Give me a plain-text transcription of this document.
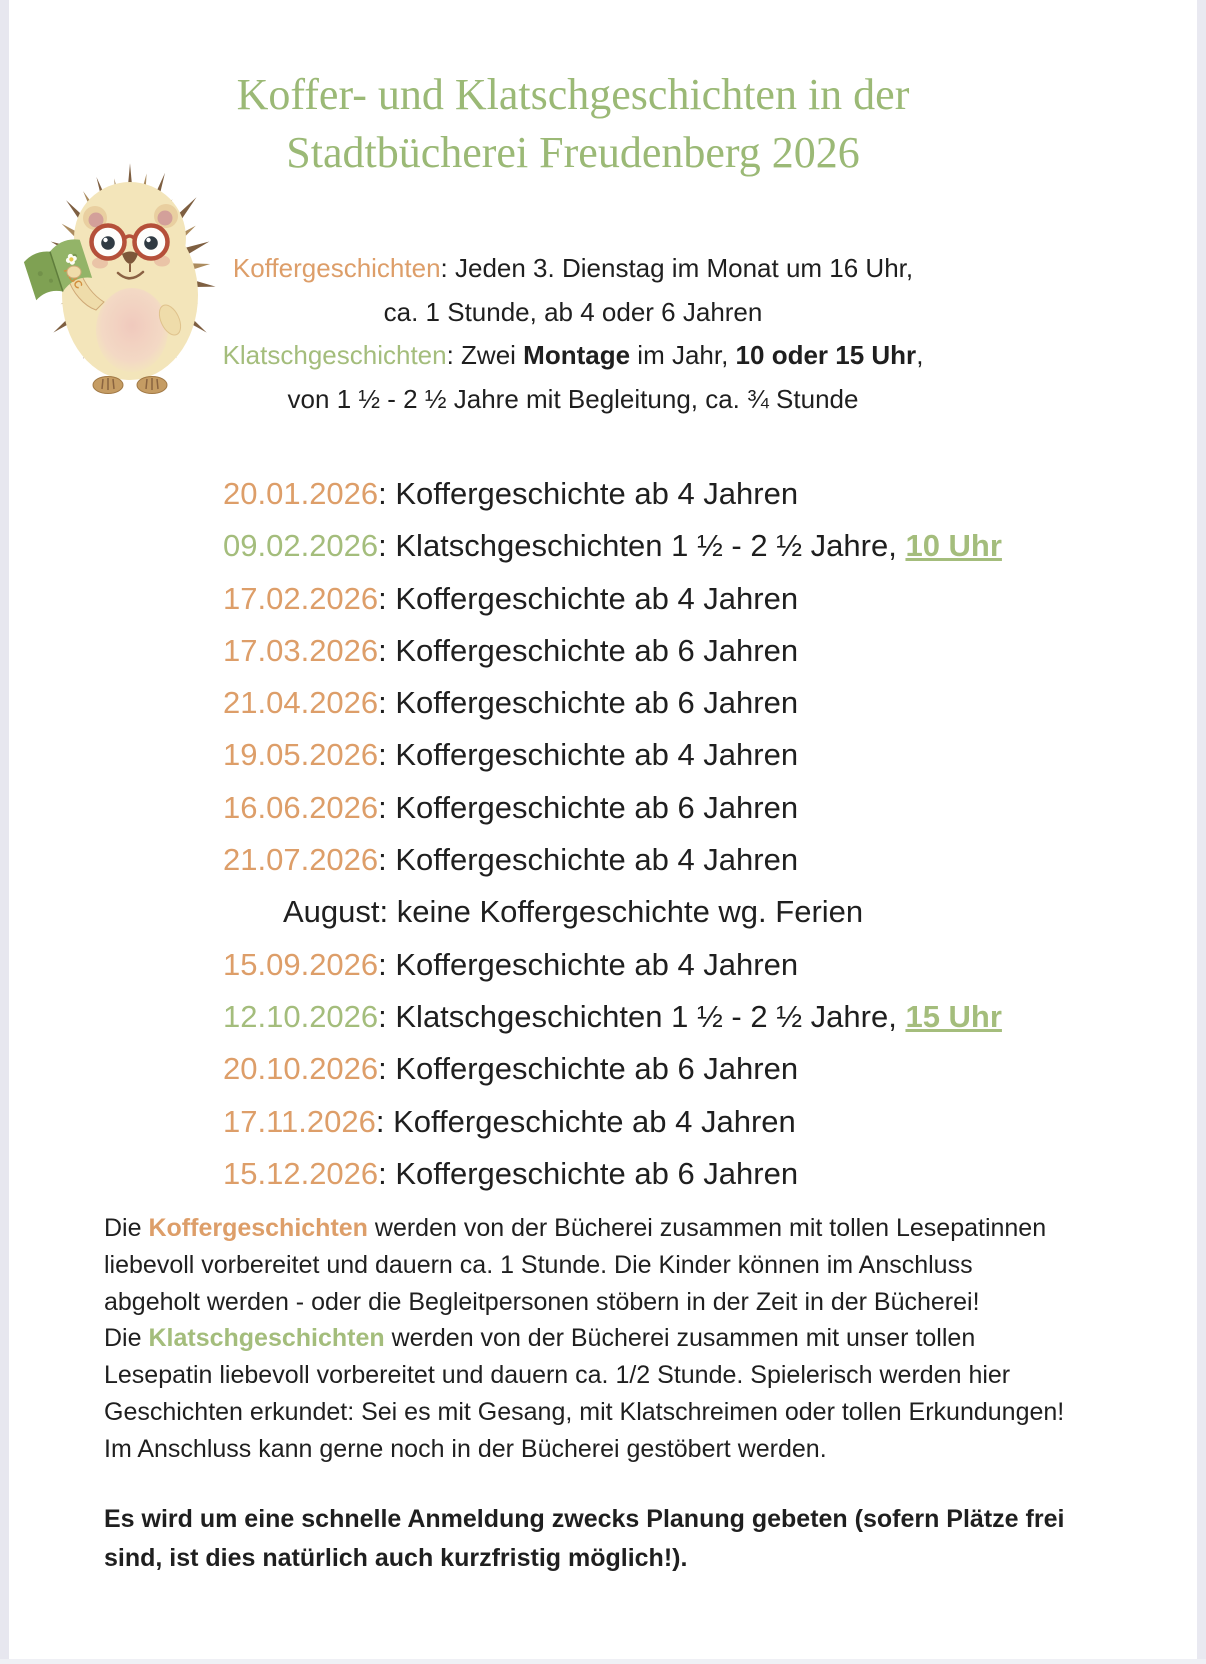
Koffer- und Klatschgeschichten in der
Stadtbücherei Freudenberg 2026
Koffergeschichten: Jeden 3. Dienstag im Monat um 16 Uhr,
ca. 1 Stunde, ab 4 oder 6 Jahren
Klatschgeschichten: Zwei Montage im Jahr, 10 oder 15 Uhr,
von 1 ½ - 2 ½ Jahre mit Begleitung, ca. ¾ Stunde
20.01.2026: Koffergeschichte ab 4 Jahren
09.02.2026: Klatschgeschichten 1 ½ - 2 ½ Jahre, 10 Uhr
17.02.2026: Koffergeschichte ab 4 Jahren
17.03.2026: Koffergeschichte ab 6 Jahren
21.04.2026: Koffergeschichte ab 6 Jahren
19.05.2026: Koffergeschichte ab 4 Jahren
16.06.2026: Koffergeschichte ab 6 Jahren
21.07.2026: Koffergeschichte ab 4 Jahren
August: keine Koffergeschichte wg. Ferien
15.09.2026: Koffergeschichte ab 4 Jahren
12.10.2026: Klatschgeschichten 1 ½ - 2 ½ Jahre, 15 Uhr
20.10.2026: Koffergeschichte ab 6 Jahren
17.11.2026: Koffergeschichte ab 4 Jahren
15.12.2026: Koffergeschichte ab 6 Jahren
Die Koffergeschichten werden von der Bücherei zusammen mit tollen Lesepatinnen
liebevoll vorbereitet und dauern ca. 1 Stunde. Die Kinder können im Anschluss
abgeholt werden - oder die Begleitpersonen stöbern in der Zeit in der Bücherei!
Die Klatschgeschichten werden von der Bücherei zusammen mit unser tollen
Lesepatin liebevoll vorbereitet und dauern ca. 1/2 Stunde. Spielerisch werden hier
Geschichten erkundet: Sei es mit Gesang, mit Klatschreimen oder tollen Erkundungen!
Im Anschluss kann gerne noch in der Bücherei gestöbert werden.
Es wird um eine schnelle Anmeldung zwecks Planung gebeten (sofern Plätze frei
sind, ist dies natürlich auch kurzfristig möglich!).
